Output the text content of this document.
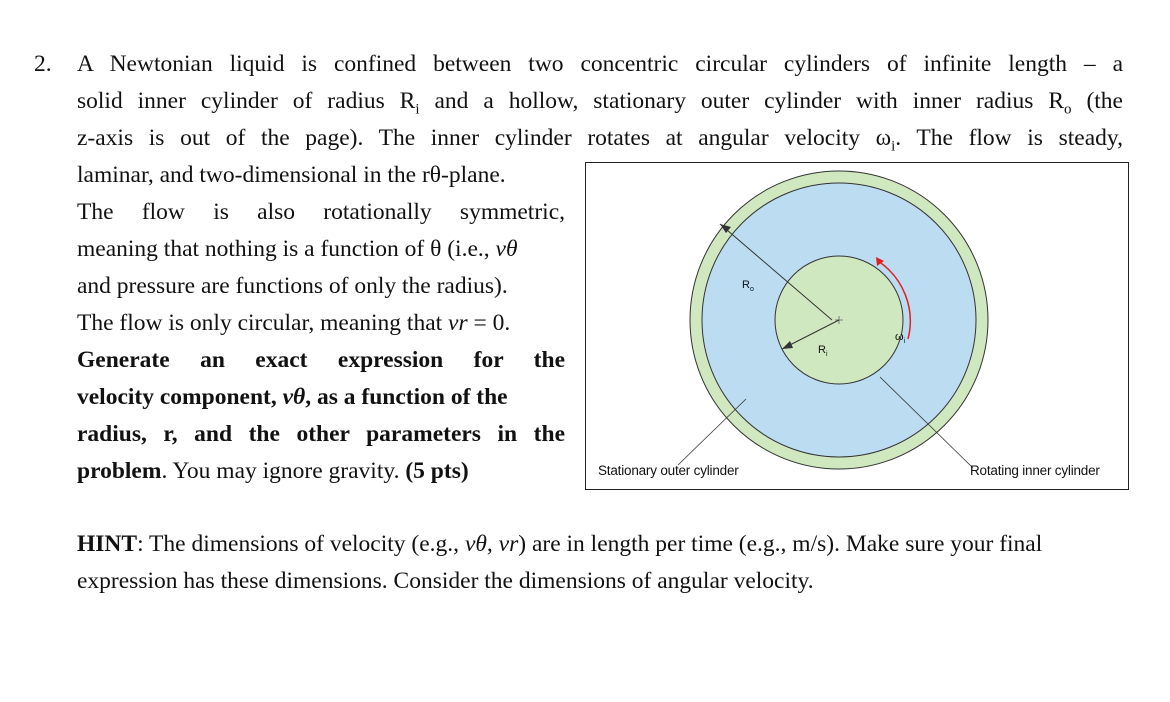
2. A Newtonian liquid is confined between two concentric circular cylinders of infinite length – a
solid inner cylinder of radius $R_i$ and a hollow, stationary outer cylinder with inner radius $R_o$ (the
z-axis is out of the page). The inner cylinder rotates at angular velocity $\omega_i$. The flow is steady,
laminar, and two-dimensional in the rθ-plane.
The flow is also rotationally symmetric,
meaning that nothing is a function of θ (i.e., vθ
and pressure are functions of only the radius).
The flow is only circular, meaning that vr = 0.
Generate an exact expression for the
velocity component, vθ, as a function of the
radius, r, and the other parameters in the
problem. You may ignore gravity. (5 pts)
$R_o$
$R_i$
$\omega_i$
Stationary outer cylinder	Rotating inner cylinder
HINT: The dimensions of velocity (e.g., vθ, vr) are in length per time (e.g., m/s). Make sure your final expression has these dimensions. Consider the dimensions of angular velocity.
